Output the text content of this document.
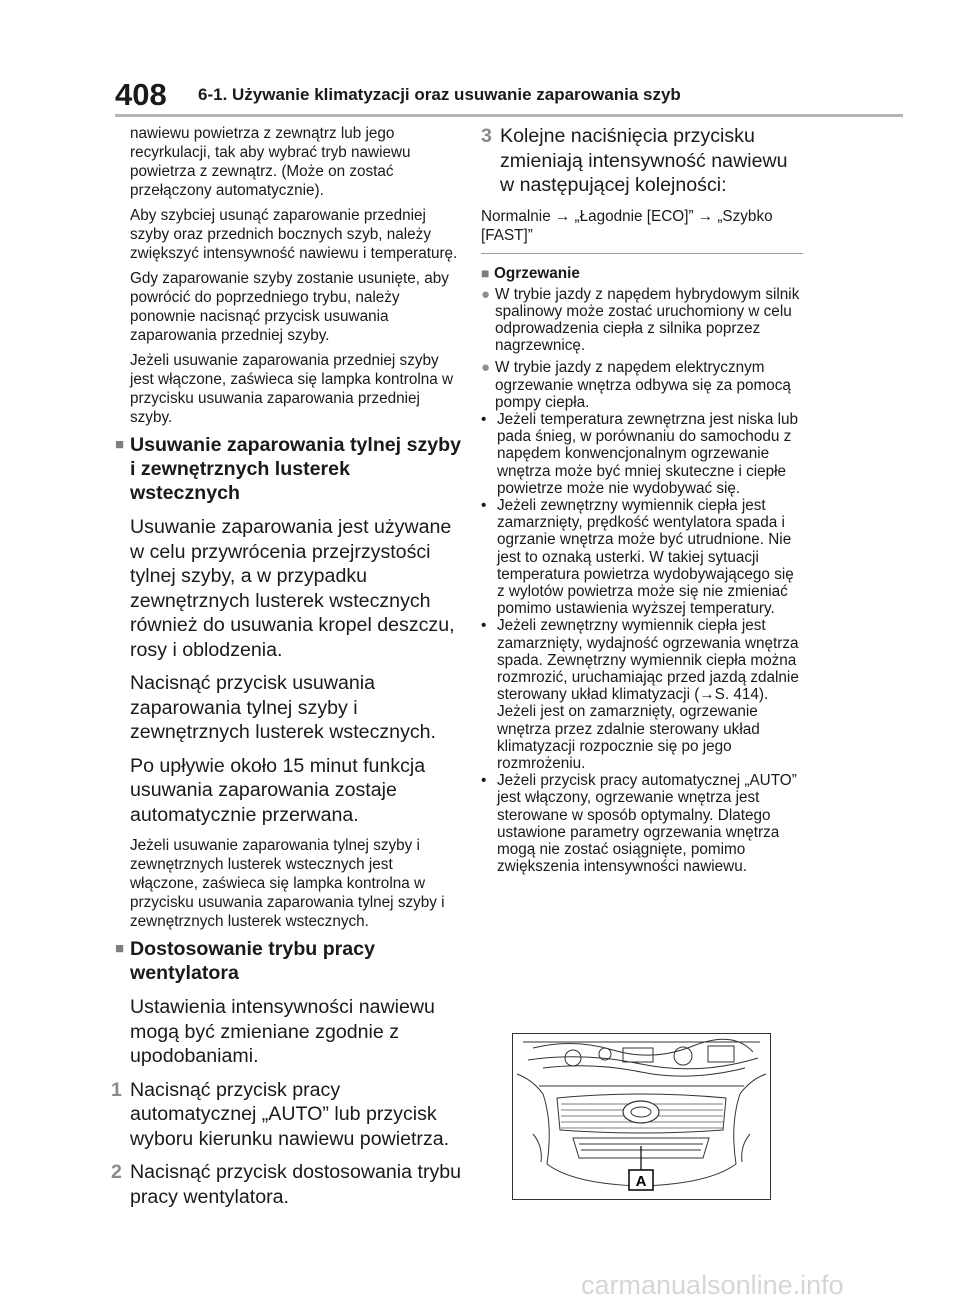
408 6-1. Używanie klimatyzacji oraz usuwanie zaparowania szyb

nawiewu powietrza z zewnątrz lub jego recyrkulacji, tak aby wybrać tryb nawiewu powietrza z zewnątrz. (Może on zostać przełączony automatycznie).

Aby szybciej usunąć zaparowanie przedniej szyby oraz przednich bocznych szyb, należy zwiększyć intensywność nawiewu i temperaturę.

Gdy zaparowanie szyby zostanie usunięte, aby powrócić do poprzedniego trybu, należy ponownie nacisnąć przycisk usuwania zaparowania przedniej szyby.

Jeżeli usuwanie zaparowania przedniej szyby jest włączone, zaświeca się lampka kontrolna w przycisku usuwania zaparowania przedniej szyby.

■ Usuwanie zaparowania tylnej szyby i zewnętrznych lusterek wstecznych

Usuwanie zaparowania jest używane w celu przywrócenia przejrzystości tylnej szyby, a w przypadku zewnętrznych lusterek wstecznych również do usuwania kropel deszczu, rosy i oblodzenia.

Nacisnąć przycisk usuwania zaparowania tylnej szyby i zewnętrznych lusterek wstecznych.

Po upływie około 15 minut funkcja usuwania zaparowania zostaje automatycznie przerwana.

Jeżeli usuwanie zaparowania tylnej szyby i zewnętrznych lusterek wstecznych jest włączone, zaświeca się lampka kontrolna w przycisku usuwania zaparowania tylnej szyby i zewnętrznych lusterek wstecznych.

■ Dostosowanie trybu pracy wentylatora

Ustawienia intensywności nawiewu mogą być zmieniane zgodnie z upodobaniami.

1 Nacisnąć przycisk pracy automatycznej „AUTO” lub przycisk wyboru kierunku nawiewu powietrza.
2 Nacisnąć przycisk dostosowania trybu pracy wentylatora.
3 Kolejne naciśnięcia przycisku zmieniają intensywność nawiewu w następującej kolejności:

Normalnie → „Łagodnie [ECO]” → „Szybko [FAST]”

■ Ogrzewanie
● W trybie jazdy z napędem hybrydowym silnik spalinowy może zostać uruchomiony w celu odprowadzenia ciepła z silnika poprzez nagrzewnicę.
● W trybie jazdy z napędem elektrycznym ogrzewanie wnętrza odbywa się za pomocą pompy ciepła.
• Jeżeli temperatura zewnętrzna jest niska lub pada śnieg, w porównaniu do samochodu z napędem konwencjonalnym ogrzewanie wnętrza może być mniej skuteczne i ciepłe powietrze może nie wydobywać się.
• Jeżeli zewnętrzny wymiennik ciepła jest zamarznięty, prędkość wentylatora spada i ogrzanie wnętrza może być utrudnione. Nie jest to oznaką usterki. W takiej sytuacji temperatura powietrza wydobywającego się z wylotów powietrza może się nie zmieniać pomimo ustawienia wyższej temperatury.
• Jeżeli zewnętrzny wymiennik ciepła jest zamarznięty, wydajność ogrzewania wnętrza spada. Zewnętrzny wymiennik ciepła można rozmrozić, uruchamiając przed jazdą zdalnie sterowany układ klimatyzacji (→S. 414). Jeżeli jest on zamarznięty, ogrzewanie wnętrza przez zdalnie sterowany układ klimatyzacji rozpocznie się po jego rozmrożeniu.
• Jeżeli przycisk pracy automatycznej „AUTO” jest włączony, ogrzewanie wnętrza jest sterowane w sposób optymalny. Dlatego ustawione parametry ogrzewania wnętrza mogą nie zostać osiągnięte, pomimo zwiększenia intensywności nawiewu.
A
carmanualsonline.info
